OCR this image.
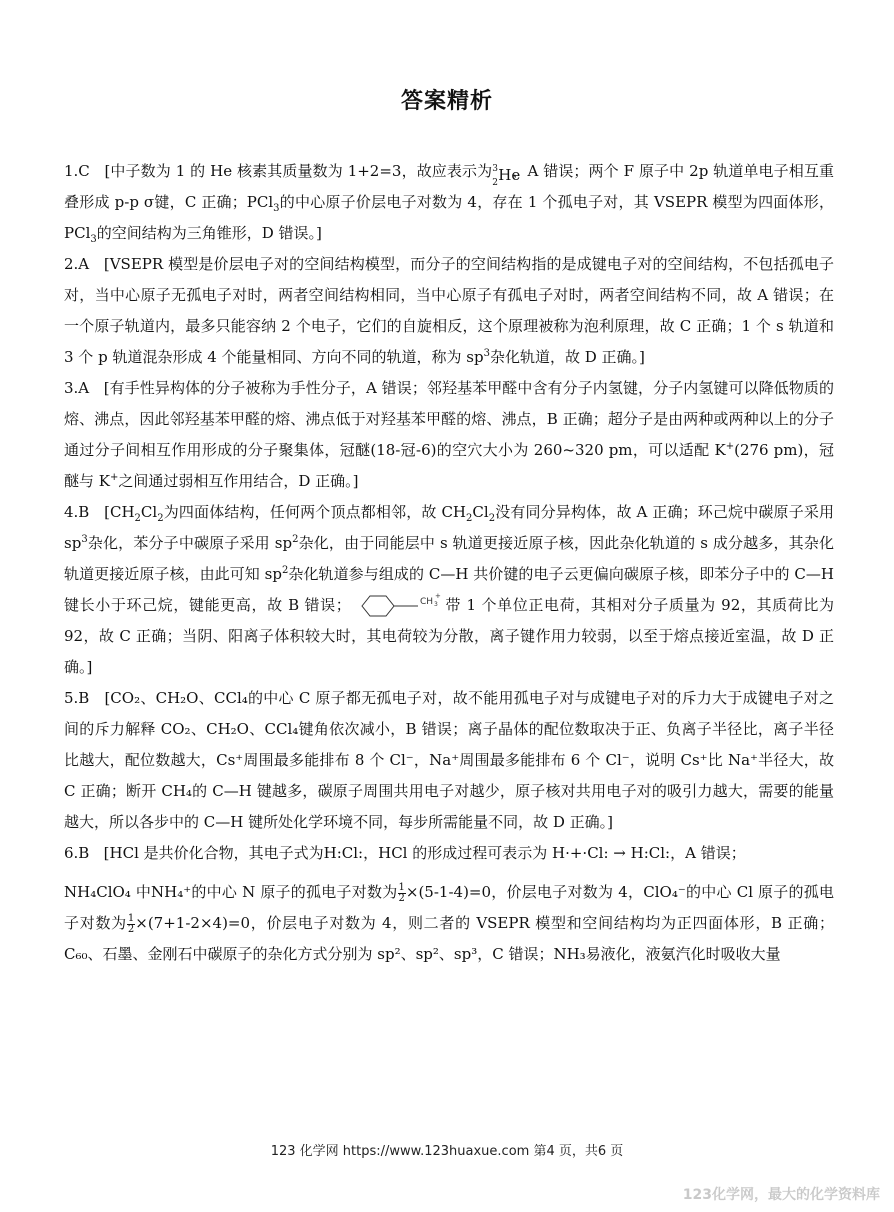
答案精析

1.C [中子数为 1 的 He 核素其质量数为 1+2=3，故应表示为 3
2 He
，A 错误；两个 F 原子中 2p 轨道单电子相互重叠形成 p-p σ键，C 正确；PCl$_3$的中心原子价层电子对数为 4，存在 1 个孤电子对，其 VSEPR 模型为四面体形，PCl$_3$的空间结构为三角锥形，D 错误。]

2.A [VSEPR 模型是价层电子对的空间结构模型，而分子的空间结构指的是成键电子对的空间结构，不包括孤电子对，当中心原子无孤电子对时，两者空间结构相同，当中心原子有孤电子对时，两者空间结构不同，故 A 错误；在一个原子轨道内，最多只能容纳 2 个电子，它们的自旋相反，这个原理被称为泡利原理，故 C 正确；1 个 s 轨道和 3 个 p 轨道混杂形成 4 个能量相同、方向不同的轨道，称为 $sp^3$杂化轨道，故 D 正确。]

3.A [有手性异构体的分子被称为手性分子，A 错误；邻羟基苯甲醛中含有分子内氢键，分子内氢键可以降低物质的熔、沸点，因此邻羟基苯甲醛的熔、沸点低于对羟基苯甲醛的熔、沸点，B 正确；超分子是由两种或两种以上的分子通过分子间相互作用形成的分子聚集体，冠醚(18-冠-6)的空穴大小为 260~320 pm，可以适配 K+(276 pm)，冠醚与 K+之间通过弱相互作用结合，D 正确。]

4.B [$CH_2Cl_2$为四面体结构，任何两个顶点都相邻，故 $CH_2Cl_2$没有同分异构体，故 A 正确；环己烷中碳原子采用 $sp^3$杂化，苯分子中碳原子采用 $sp^2$杂化，由于同能层中 s 轨道更接近原子核，因此杂化轨道的 s 成分越多，其杂化轨道更接近原子核，由此可知 $sp^2$杂化轨道参与组成的 C—H 共价键的电子云更偏向碳原子核，即苯分子中的 C—H 键长小于环己烷，键能更高，故 B 错误；	CH 3
+ 带 1 个单位正电荷，其相对分子质量为 92，其质荷比为 92，故 C 正确；当阴、阳离子体积较大时，其电荷较为分散，离子键作用力较弱，以至于熔点接近室温，故 D 正确。]

5.B [CO₂、CH₂O、CCl₄的中心 C 原子都无孤电子对，故不能用孤电子对与成键电子对的斥力大于成键电子对之间的斥力解释 CO₂、CH₂O、CCl₄键角依次减小，B 错误；离子晶体的配位数取决于正、负离子半径比，离子半径比越大，配位数越大，Cs⁺周围最多能排布 8 个 Cl⁻，Na⁺周围最多能排布 6 个 Cl⁻，说明 Cs⁺比 Na⁺半径大，故 C 正确；断开 CH₄的 C—H 键越多，碳原子周围共用电子对越少，原子核对共用电子对的吸引力越大，需要的能量越大，所以各步中的 C—H 键所处化学环境不同，每步所需能量不同，故 D 正确。]

6.B [HCl 是共价化合物，其电子式为H:Cl:，HCl 的形成过程可表示为 H·+·Cl: → H:Cl:，A 错误；

NH₄ClO₄ 中NH₄⁺的中心 N 原子的孤电子对数为 $\frac{1}{2} \times(5-1-4)=0$，价层电子对数为 4，ClO₄⁻的中心 Cl 原子的孤电子对数为 $\frac{1}{2} \times(7+1-2\times 4)=0$，价层电子对数为 4，则二者的 VSEPR 模型和空间结构均为正四面体形，B 正确；C₆₀、石墨、金刚石中碳原子的杂化方式分别为 sp²、sp²、sp³，C 错误；NH₃易液化，液氨汽化时吸收大量

123 化学网 https://www.123huaxue.com 第4 页，共6 页
123化学网，最大的化学资料库
